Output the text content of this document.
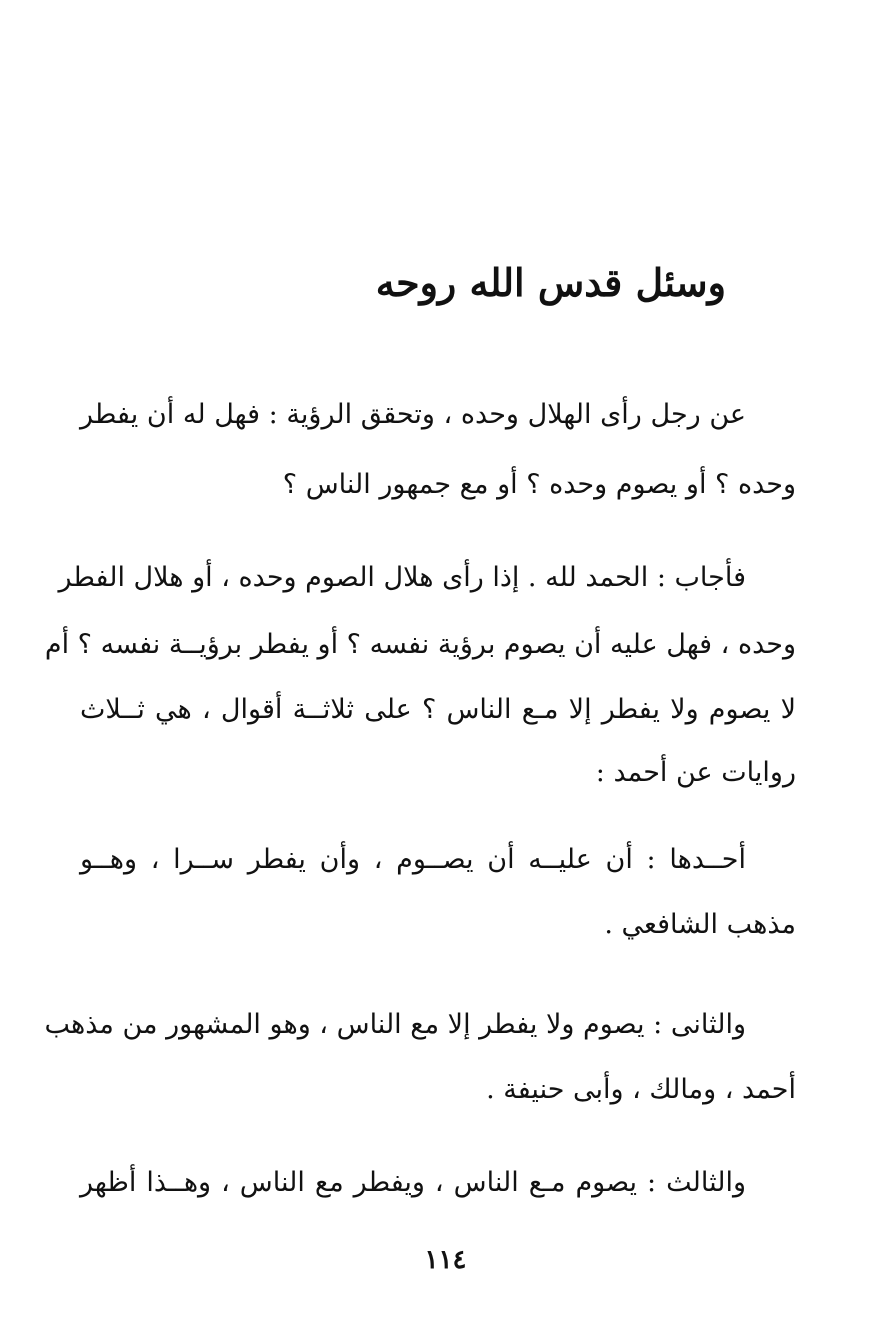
وسئل قدس الله روحه
عن رجل رأى الهلال وحده ، وتحقق الرؤية : فهل له أن يفطر
وحده ؟ أو يصوم وحده ؟ أو مع جمهور الناس ؟
فأجاب : الحمد لله . إذا رأى هلال الصوم وحده ، أو هلال الفطر
وحده ، فهل عليه أن يصوم برؤية نفسه ؟ أو يفطر برؤيــة نفسه ؟ أم
لا يصوم ولا يفطر إلا مـع الناس ؟ على ثلاثــة أقوال ، هي ثــلاث
روايات عن أحمد :
أحــدها : أن عليــه أن يصــوم ، وأن يفطر ســرا ، وهــو
مذهب الشافعي .
والثانى : يصوم ولا يفطر إلا مع الناس ، وهو المشهور من مذهب
أحمد ، ومالك ، وأبى حنيفة .
والثالث : يصوم مـع الناس ، ويفطر مع الناس ، وهــذا أظهر
١١٤
